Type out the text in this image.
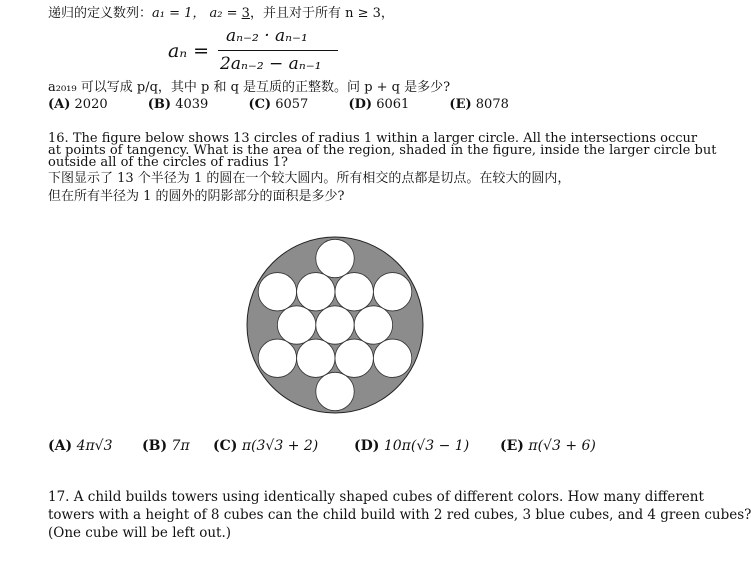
递归的定义数列：a₁ = 1， a₂ = 3，并且对于所有 n ≥ 3，
aₙ =
aₙ₋₂ · aₙ₋₁
2aₙ₋₂ − aₙ₋₁
a₂₀₁₉ 可以写成 p/q，其中 p 和 q 是互质的正整数。问 p + q 是多少?
(A) 2020	(B) 4039	(C) 6057	(D) 6061	(E) 8078
16. The figure below shows 13 circles of radius 1 within a larger circle. All the intersections occur
at points of tangency. What is the area of the region, shaded in the figure, inside the larger circle but
outside all of the circles of radius 1?
下图显示了 13 个半径为 1 的圆在一个较大圆内。所有相交的点都是切点。在较大的圆内，
但在所有半径为 1 的圆外的阴影部分的面积是多少?
(A) 4π√3 (B) 7π (C) π(3√3 + 2)	(D) 10π(√3 − 1) (E) π(√3 + 6)
17. A child builds towers using identically shaped cubes of different colors. How many different
towers with a height of 8 cubes can the child build with 2 red cubes, 3 blue cubes, and 4 green cubes?
(One cube will be left out.)
